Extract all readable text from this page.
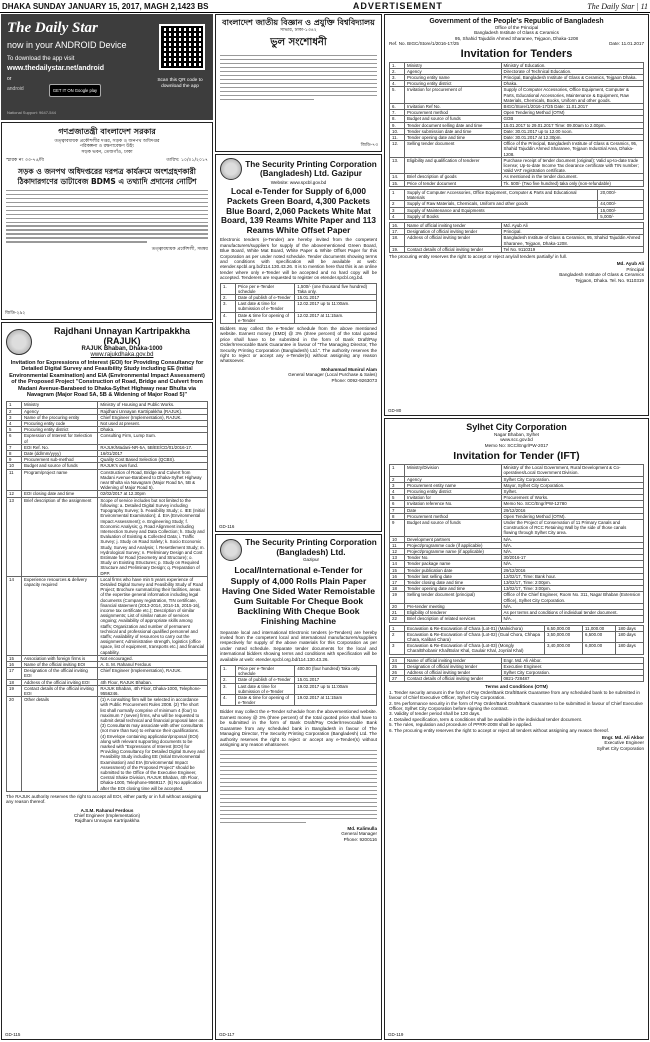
DHAKA SUNDAY JANUARY 15, 2017, MAGH 2,1423 BS	ADVERTISEMENT	The Daily Star | 11
The Daily Star
now in your ANDROID Device
To download the app visit
www.thedailystar.net/android
or
android	GET IT ON Google play
Scan this QR code to download the app
National Support: 9647-544
গণপ্রজাতন্ত্রী বাংলাদেশ সরকার
তত্ত্বাবধায়ক প্রকৌশলীর দপ্তর, সড়ক ও জনপথ অধিদপ্তর
পরিকল্পনা ও রক্ষণাবেক্ষণ উইং
সড়ক ভবন, তেজগাঁও, ঢাকা
স্মারক নং ৩৩-৭৫/বি	তারিখ: ১০/০১/২০১৭
সড়ক ও জনপথ অধিদপ্তরের দরপত্র কার্যক্রমে অংশগ্রহণকারী ঠিকাদারগণের ডাটাবেজ BDMS এ তথ্যাদি প্রদানের নোটিশ
তত্ত্বাবধায়ক প্রকৌশলী, সমন্বয়
জিডি-২৯২
Rajdhani Unnayan Kartripakkha (RAJUK)
RAJUK Bhaban, Dhaka-1000
www.rajukdhaka.gov.bd
Invitation for Expressions of Interest (EOI) for Providing Consultancy for Detailed Digital Survey and Feasibility Study including EE (Initial Environmental Examination) and EIA (Environmental Impact Assessment) of the Proposed Project "Construction of Road, Bridge and Culvert from Madani Avenue-Barabeed to Dhaka-Sylhet Highway near Bhulta via Navagram (Major Road 5A, 5B & Widening of Major Road 5)"
1	Ministry	Ministry of Housing and Public Works.
2	Agency	Rajdhani Unnayan Kartripakkha (RAJUK).
3	Name of the procuring entity	Chief Engineer (Implementation), RAJUK.
4	Procuring entity code	Not used at present.
5	Procuring entity district	Dhaka.
6	Expression of Interest for Selection of	Consulting Firm, Lump Sum.
7	EOI Ref. No.	RAJUK/Madani-NR-5A, 5B/EE/CD/01/2016-17.
8	Date (dd/mm/yyyy)	16/01/2017
9	Procurement sub-method	Quality Cost Based Selection (QCBS).
10	Budget and source of funds	RAJUK's own fund.
11	Program/project name	Construction of Road, Bridge and Culvert from Madani Avenue-Barabeed to Dhaka-Sylhet Highway near Bhulta via Navagram (Major Road 5A, 5B & Widening of Major Road 5).
12	EOI closing date and time	02/02/2017 at 12.30pm
13	Brief description of the assignment	Scope of service includes but not limited to the following: a. Detailed Digital Survey including Topography Survey; b. Feasibility Study; c. IEE (Initial Environmental Examination); d. EIA (Environmental Impact Assessment); e. Engineering Study; f. Economic Analysis; g. Road Alignment including Intersection Survey and Data Collection; h. Study and Evaluation of Existing & Collected Data; i. Traffic Survey; j. Study on Road Safety; k. Socio Economic Study, Survey and Analysis; l. Resettlement Study; m. Hydrological Survey; n. Preliminary Design and Cost Estimate for Road (Geometry and Structure); o. Study on Existing Structures; p. Study on Required Structure and Preliminary Design; q. Preparation of DPP.
14	Experience resources & delivery capacity required	Local firms who have min 5 years experience of Detailed Digital Survey and Feasibility Study of Road Project; Brochure summarizing their facilities, areas of the expertise general information including legal documents (Company registration, TIN certificate, financial statement (2013-2014, 2014-15, 2015-16), income tax certificate etc.); Description of similar assignments; List of similar nature of services ongoing; Availability of appropriate skills among staffs; Organization and number of permanent technical and professional qualified personnel and staffs; Availability of resources to carry out the assignment; Administrative strength, logistics (office space, list of equipment, transports etc.) and financial capability.
15	Association with foreign firms is	Not encouraged.
16	Name of the official inviting EOI	A. S. M. Rahanul Ferdous
17	Designation of the official inviting EOI	Chief Engineer (Implementation), RAJUK.
18	Address of the official inviting EOI	4th Floor, RAJUK Bhaban.
19	Contact details of the official inviting EOI	RAJUK Bhaban, 4th Floor, Dhaka-1000, Telephone-9556246.
20	Other details	(1) A consulting firm will be selected in accordance with Public Procurement Rules 2008. (2) The short list shall normally comprise of minimum 4 (four) to maximum 7 (seven) firms, who will be requested to submit detail technical and financial proposal later on. (3) Consultants may associate with other consultants (not more than two) to enhance their qualifications. (4) Envelope containing application/proposal (EOI) along with relevant supporting documents to be marked with "Expressions of Interest (EOI) for Providing Consultancy for Detailed Digital Survey and Feasibility Study including EE (Initial Environmental Examination) and EIA (Environmental Impact Assessment) of the Proposed Project" should be submitted to the Office of the Executive Engineer, Central Shake Division, RAJUK Bhaban, 4th Floor, Dhaka-1000, Telephone-9569117. (5) No application after the EOI closing time will be accepted.
The RAJUK authority reserves the right to accept all EOI, either partly or in full without assigning any reason thereof.
A.S.M. Rahanul Ferdous
Chief Engineer (Implementation)
Rajdhani Unnayan Kartripakkha
GD-115
বাংলাদেশ জাতীয় বিজ্ঞান ও প্রযুক্তি বিশ্ববিদ্যালয়
সাভার, ঢাকা-১৩৪২
ভুল সংশোধনী
জিডি-৭৩
The Security Printing Corporation (Bangladesh) Ltd. Gazipur
Website: www.spcbl.gov.bd
Local e-Tender for Supply of 6,000 Packets Green Board, 4,300 Packets Blue Board, 2,060 Packets White Mat Board, 139 Reams White Paper and 113 Reams White Offset Paper
Electronic tenders (e-Tender) are hereby invited from the competent manufacturers/suppliers for supply of the abovementioned Green Board, Blue Board, White Mat Board, White Paper & White Offset Paper for this Corporation as per under noted schedule. Tender documents showing terms and conditions with specification will be available at web: etender.spcbl.org.bd/114.130.43.26. It is to mention here that this is an online tender where only e-Tender will be accepted and no hard copy will be accepted. Tenderers are requested to register on etender.spcbl.org.bd.
1.	Price per e-Tender schedule	1,500/- (one thousand five hundred) Taka only.
2.	Date of publish of e-Tender	15.01.2017
3.	Last date & time for submission of e-Tender	12.02.2017 up to 11:00am.
4.	Date & time for opening of e-Tender	12.02.2017 at 11:15am.
Bidders may collect the e-Tender schedule from the above mentioned website. Earnest money (EMD) @ 3% (three percent) of the total quoted price shall have to be submitted in the form of Bank Draft/Pay Order/Irrevocable Bank Guarantee in favour of "The Managing Director, The Security Printing Corporation (Bangladesh) Ltd.". The authority reserves the right to reject or accept any e-Tender(s) without assigning any reason whatsoever.
Mohammad Munirul Alam
General Manager (Local Purchase & Sales)
Phone: 0092-9263073
GD-116
The Security Printing Corporation (Bangladesh) Ltd.
Gazipur
Local/International e-Tender for Supply of 4,000 Rolls Plain Paper Having One Sided Water Remoistable Gum Suitable For Cheque Book Backlining With Cheque Book Finishing Machine
Separate local and international Electronic tenders (e-Tenders) are hereby invited from the competent local and international manufacturers/suppliers respectively for supply of the above materials for this Corporation as per under noted schedule. Separate tender documents for the local and international bidders showing terms and conditions with specification will be available at web: etender.spcbl.org.bd/114.130.43.26.
1.	Price per e-Tender schedule	400.00 (four hundred) Taka only.
2.	Date of publish of e-Tender	15.01.2017
3.	Last date & time for submission of e-Tender	19.02.2017 up to 11:00am
4.	Date & time for opening of e-Tender	19.02.2017 at 11:15am
Bidder may collect the e-Tender schedule from the abovementioned website. Earnest money @ 3% (three percent) of the total quoted price shall have to be submitted in the form of Bank Draft/Pay Order/Irrevocable Bank Guarantee from any scheduled bank in Bangladesh in favour of The Managing Director, The Security Printing Corporation (Bangladesh) Ltd. The authority reserves the right to reject or accept any e-Tender(s) without assigning any reason whatsoever.
Md. Kalimulla
General Manager
Phone: 9200116
GD-117
Government of the People's Republic of Bangladesh
Office of the Principal
Bangladesh Institute of Glass & Ceramics
95, Shahid Tajuddin Ahmed Sharanee, Tejgaon, Dhaka-1208
Ref. No. BIGC/Store/1/2016-17/25	Date: 11.01.2017
Invitation for Tenders
1.	Ministry	Ministry of Education.
2.	Agency	Directorate of Technical Education.
3.	Procuring entity name	Principal, Bangladesh Institute of Glass & Ceramics, Tejgaon Dhaka.
4.	Procuring entity district	Dhaka.
5.	Invitation for procurement of	Supply of Computer Accessories, Office Equipment, Computer & Parts, Educational Accessories, Maintenance & Equipment, Raw Materials, Chemicals, Books, Uniform and other goods.
6.	Invitation Ref No.	BIGC/Store/1/2016-17/25 Date: 11.01.2017
7.	Procurement method	Open Tendering Method (OTM)
8.	Budget and source of funds	GOB
9.	Tender document selling date and time	15.01.2017 to 29.01.2017 Time: 09.00am to 2.00pm.
10.	Tender submission date and time	Date: 30.01.2017 up to 12.00 noon.
11.	Tender opening date and time	Date: 30.01.2017 at 12.30pm.
12.	Selling tender document	Office of the Principal, Bangladesh Institute of Glass & Ceramics, 95, Shahid Tajuddin Ahmed Sharanee, Tejgaon Industrial Area, Dhaka-1208.
13.	Eligibility and qualification of tenderer	Purchase receipt of tender document (original); Valid up-to-date trade license; Up-to-date Income Tax clearance certificate with TIN number; Valid VAT registration certificate.
14.	Brief description of goods	As mentioned in the tender document.
15.	Price of tender document	Tk. 500/- (Two five hundred) taka only (non-refundable)
1	Supply of Computer Accessories, Office Equipment, Computer & Parts and Educational Materials	20,000/-
2	Supply of Raw Materials, Chemicals, Uniform and other goods	44,000/-
3	Supply of Maintenance and Equipments	15,000/-
4	Supply of Books	5,000/-
16.	Name of official inviting tender	Md. Ayub Ali
17.	Designation of official inviting tender	Principal.
18.	Address of official inviting tender	Bangladesh Institute of Glass & Ceramics, 95, Shahid Tajuddin Ahmed Sharanee, Tejgaon, Dhaka-1208.
19.	Contact details of official inviting tender	Tel No. 9110319
The procuring entity reserves the right to accept or reject any/all tenders partially/ in full.
Md. Ayub Ali
Principal
Bangladesh Institute of Glass & Ceramics
Tejgaon, Dhaka. Tel. No. 9110319
GD-80
Sylhet City Corporation
Nagar Bhaban, Sylhet
www.scc.gov.bd
Memo No: SCC/Engr/PW-2017
Invitation for Tender (IFT)
1	Ministry/Division	Ministry of the Local Government, Rural Development & Co-operatives/Local Government Division.
2	Agency	Sylhet City Corporation.
3	Procurement entity name	Mayor, Sylhet City Corporation.
4	Procuring entity district	Sylhet.
5	Invitation for	Procurement of Works.
6	Invitation reference No.	Memo No. SCC/Engr/PW-12780
7	Date	29/12/2016
8	Procurement method	Open Tendering Method (OTM).
9	Budget and source of funds	Under the Project of Conservation of 11 Primary Canals and Construction of RCC Retaining Wall by the side of those canals flowing through Sylhet City area.
10	Development partners	N/A.
11	Project/programme code (if applicable)	N/A.
12	Project/programme name (if applicable)	N/A.
13	Tender No.	30/2016-17
14	Tender package name	N/A.
15	Tender publication date	29/12/2016
16	Tender last selling date	12/02/17, Time: Bank hour.
17	Tender closing date and time	13/02/17, Time: 2:00pm.
18	Tender opening date and time	13/02/17, Time: 3:00pm.
19	Selling tender document (principal)	Office of the Chief Engineer, Room No. 311, Nagar Bhaban (Extension Office), Sylhet City Corporation.
20	Pre-tender meeting	N/A.
21	Eligibility of tenderer	As per terms and conditions of individual tender document.
22	Brief description of related services	N/A.
1	Excavation & Re-Excavation of Chara (Lot-01) (Malnichora)	6,50,000.00	11,000.00	180 days
2	Excavation & Re-Excavation of Chara (Lot-02) (Gual Chora, Chhapa Chara, Kalibari Chara)	3,50,000.00	6,500.00	180 days
3	Excavation & Re-Excavation of Chara (Lot-03) (Mongly Chara/Bhobanir Khal/Bolar Khal, Gaulair Khal, Joynlal Khal)	3,40,000.00	6,000.00	180 days
24	Name of official inviting tender	Engr. Md. Ali Akbor.
25	Designation of official inviting tender	Executive Engineer.
26	Address of official inviting tender	Sylhet City Corporation.
27	Contact details of official inviting tender	0821-728487
Terms and Conditions (OTM)
1. Tender security amount in the form of Pay Order/Bank Draft/Bank Guarantee from any scheduled bank to be submitted in favour of Chief Executive Officer, Sylhet City Corporation.
2. 5% performance security in the form of Pay Order/Bank Draft/Bank Guarantee to be submitted in favour of Chief Executive Officer, Sylhet City Corporation before signing the contract.
3. Validity of tender period shall be 120 days.
4. Detailed specification, term & conditions shall be available in the individual tender document.
5. The rules, regulation and procedure of PPRR-2008 shall be applied.
6. The procuring entity reserves the right to accept or reject all tenders without assigning any reason thereof.
Engr. Md. Ali Akbor
Executive Engineer
Sylhet City Corporation
GD-119
